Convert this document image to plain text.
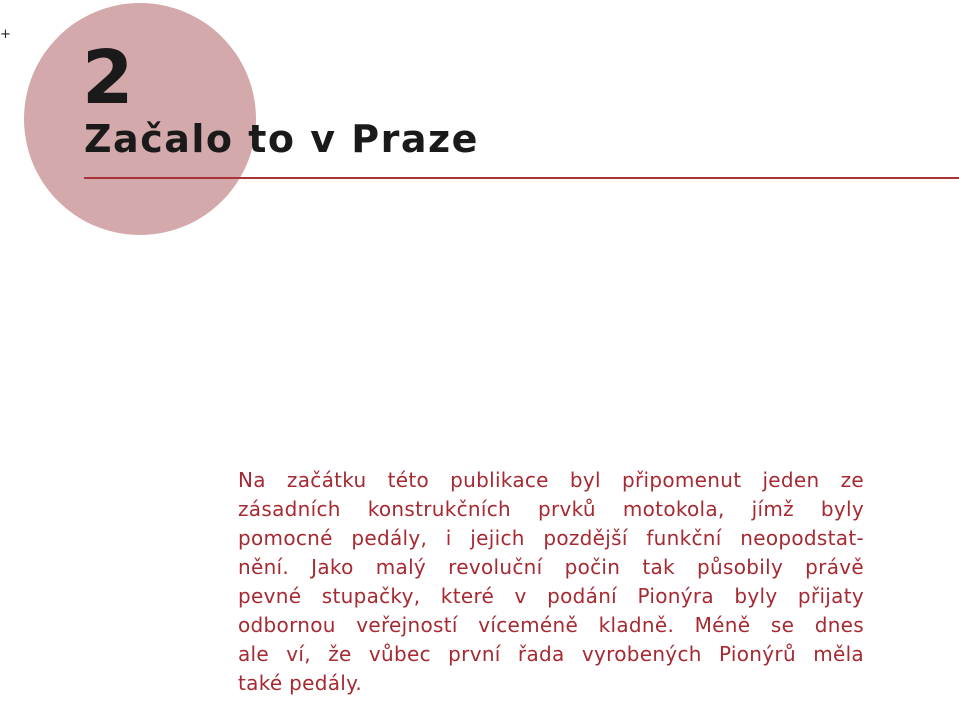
+
2
Začalo to v Praze
Na začátku této publikace byl připomenut jeden ze
zásadních konstrukčních prvků motokola, jímž byly
pomocné pedály, i jejich pozdější funkční neopodstat-
nění. Jako malý revoluční počin tak působily právě
pevné stupačky, které v podání Pionýra byly přijaty
odbornou veřejností víceméně kladně. Méně se dnes
ale ví, že vůbec první řada vyrobených Pionýrů měla
také pedály.
